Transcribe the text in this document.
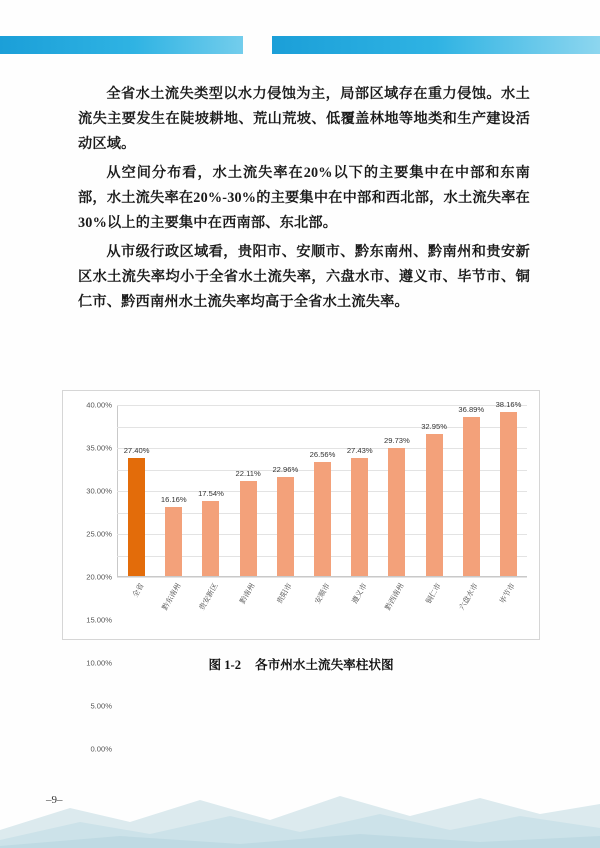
全省水土流失类型以水力侵蚀为主，局部区域存在重力侵蚀。水土流失主要发生在陡坡耕地、荒山荒坡、低覆盖林地等地类和生产建设活动区域。

从空间分布看，水土流失率在20%以下的主要集中在中部和东南部，水土流失率在20%-30%的主要集中在中部和西北部，水土流失率在30%以上的主要集中在西南部、东北部。

从市级行政区域看，贵阳市、安顺市、黔东南州、黔南州和贵安新区水土流失率均小于全省水土流失率，六盘水市、遵义市、毕节市、铜仁市、黔西南州水土流失率均高于全省水土流失率。

40.00%
35.00%
30.00%
25.00%
20.00%
15.00%
10.00%
5.00%
0.00%
27.40%
16.16%
17.54%
22.11% 22.96%
26.56% 27.43%
29.73%
32.95%
36.89%
38.16%
全省 黔东南州 贵安新区 黔南州 贵阳市 安顺市 遵义市 黔西南州 铜仁市 六盘水市 毕节市
图 1-2 各市州水土流失率柱状图
–9–
